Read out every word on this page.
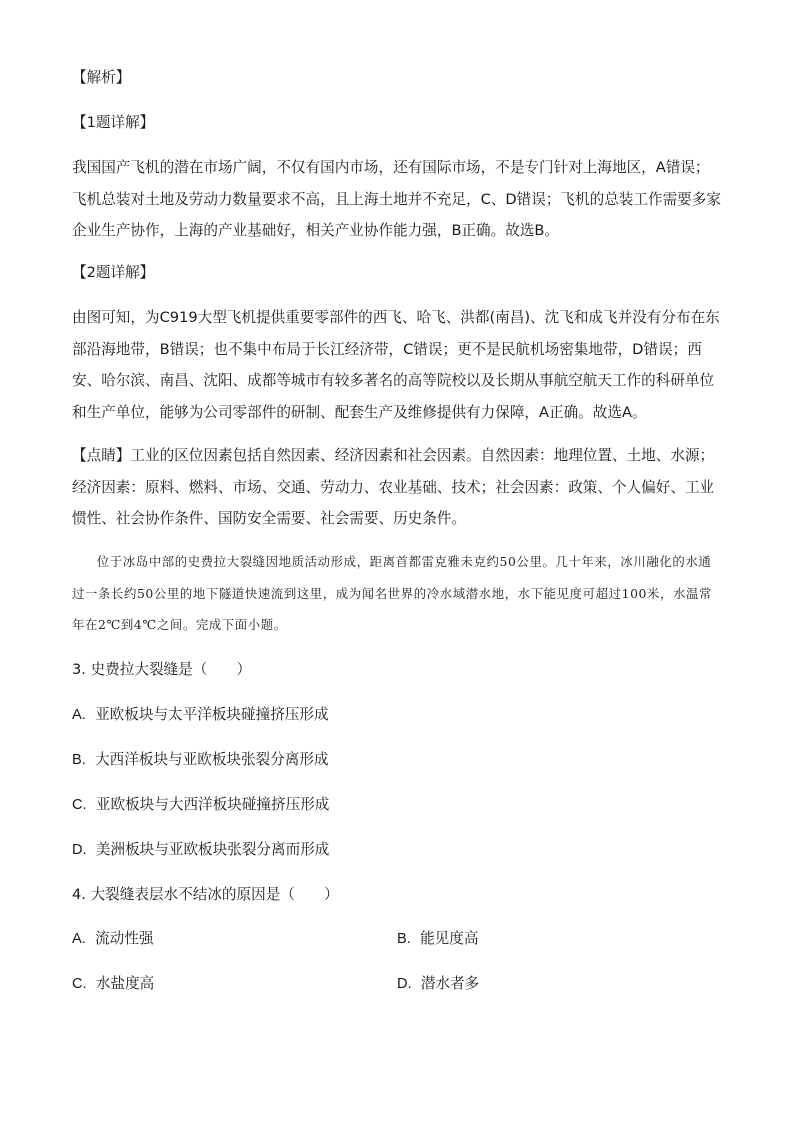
【解析】
【1题详解】
我国国产飞机的潜在市场广阔，不仅有国内市场，还有国际市场，不是专门针对上海地区，A错误；飞机总装对土地及劳动力数量要求不高，且上海土地并不充足，C、D错误；飞机的总装工作需要多家企业生产协作，上海的产业基础好，相关产业协作能力强，B正确。故选B。
【2题详解】
由图可知，为C919大型飞机提供重要零部件的西飞、哈飞、洪都(南昌)、沈飞和成飞并没有分布在东部沿海地带，B错误；也不集中布局于长江经济带，C错误；更不是民航机场密集地带，D错误；西安、哈尔滨、南昌、沈阳、成都等城市有较多著名的高等院校以及长期从事航空航天工作的科研单位和生产单位，能够为公司零部件的研制、配套生产及维修提供有力保障，A正确。故选A。
【点睛】工业的区位因素包括自然因素、经济因素和社会因素。自然因素：地理位置、土地、水源；经济因素：原料、燃料、市场、交通、劳动力、农业基础、技术；社会因素：政策、个人偏好、工业惯性、社会协作条件、国防安全需要、社会需要、历史条件。
位于冰岛中部的史费拉大裂缝因地质活动形成，距离首都雷克雅未克约50公里。几十年来，冰川融化的水通过一条长约50公里的地下隧道快速流到这里，成为闻名世界的冷水域潜水地，水下能见度可超过100米，水温常年在2℃到4℃之间。完成下面小题。
3. 史费拉大裂缝是（　　）
A. 亚欧板块与太平洋板块碰撞挤压形成
B. 大西洋板块与亚欧板块张裂分离形成
C. 亚欧板块与大西洋板块碰撞挤压形成
D. 美洲板块与亚欧板块张裂分离而形成
4. 大裂缝表层水不结冰的原因是（　　）
A. 流动性强	B. 能见度高
C. 水盐度高	D. 潜水者多
